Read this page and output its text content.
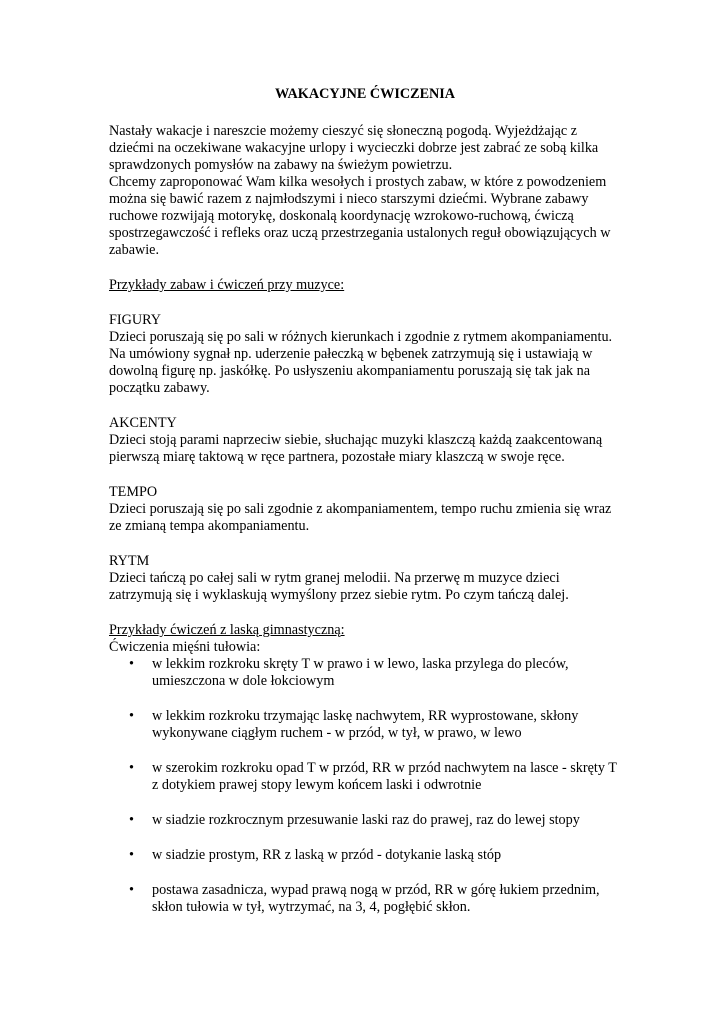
WAKACYJNE ĆWICZENIA

Nastały wakacje i nareszcie możemy cieszyć się słoneczną pogodą. Wyjeżdżając z dziećmi na oczekiwane wakacyjne urlopy i wycieczki dobrze jest zabrać ze sobą kilka sprawdzonych pomysłów na zabawy na świeżym powietrzu.

Chcemy zaproponować Wam kilka wesołych i prostych zabaw, w które z powodzeniem można się bawić razem z najmłodszymi i nieco starszymi dziećmi. Wybrane zabawy ruchowe rozwijają motorykę, doskonalą koordynację wzrokowo-ruchową, ćwiczą spostrzegawczość i refleks oraz uczą przestrzegania ustalonych reguł obowiązujących w zabawie.

Przykłady zabaw i ćwiczeń przy muzyce:

FIGURY

Dzieci poruszają się po sali w różnych kierunkach i zgodnie z rytmem akompaniamentu. Na umówiony sygnał np. uderzenie pałeczką w bębenek zatrzymują się i ustawiają w dowolną figurę np. jaskółkę. Po usłyszeniu akompaniamentu poruszają się tak jak na początku zabawy.

AKCENTY

Dzieci stoją parami naprzeciw siebie, słuchając muzyki klaszczą każdą zaakcentowaną pierwszą miarę taktową w ręce partnera, pozostałe miary klaszczą w swoje ręce.

TEMPO

Dzieci poruszają się po sali zgodnie z akompaniamentem, tempo ruchu zmienia się wraz ze zmianą tempa akompaniamentu.

RYTM

Dzieci tańczą po całej sali w rytm granej melodii. Na przerwę m muzyce dzieci zatrzymują się i wyklaskują wymyślony przez siebie rytm. Po czym tańczą dalej.

Przykłady ćwiczeń z laską gimnastyczną:

Ćwiczenia mięśni tułowia:

• w lekkim rozkroku skręty T w prawo i w lewo, laska przylega do pleców, umieszczona w dole łokciowym
• w lekkim rozkroku trzymając laskę nachwytem, RR wyprostowane, skłony wykonywane ciągłym ruchem - w przód, w tył, w prawo, w lewo
• w szerokim rozkroku opad T w przód, RR w przód nachwytem na lasce - skręty T z dotykiem prawej stopy lewym końcem laski i odwrotnie
• w siadzie rozkrocznym przesuwanie laski raz do prawej, raz do lewej stopy
• w siadzie prostym, RR z laską w przód - dotykanie laską stóp
• postawa zasadnicza, wypad prawą nogą w przód, RR w górę łukiem przednim, skłon tułowia w tył, wytrzymać, na 3, 4, pogłębić skłon.
